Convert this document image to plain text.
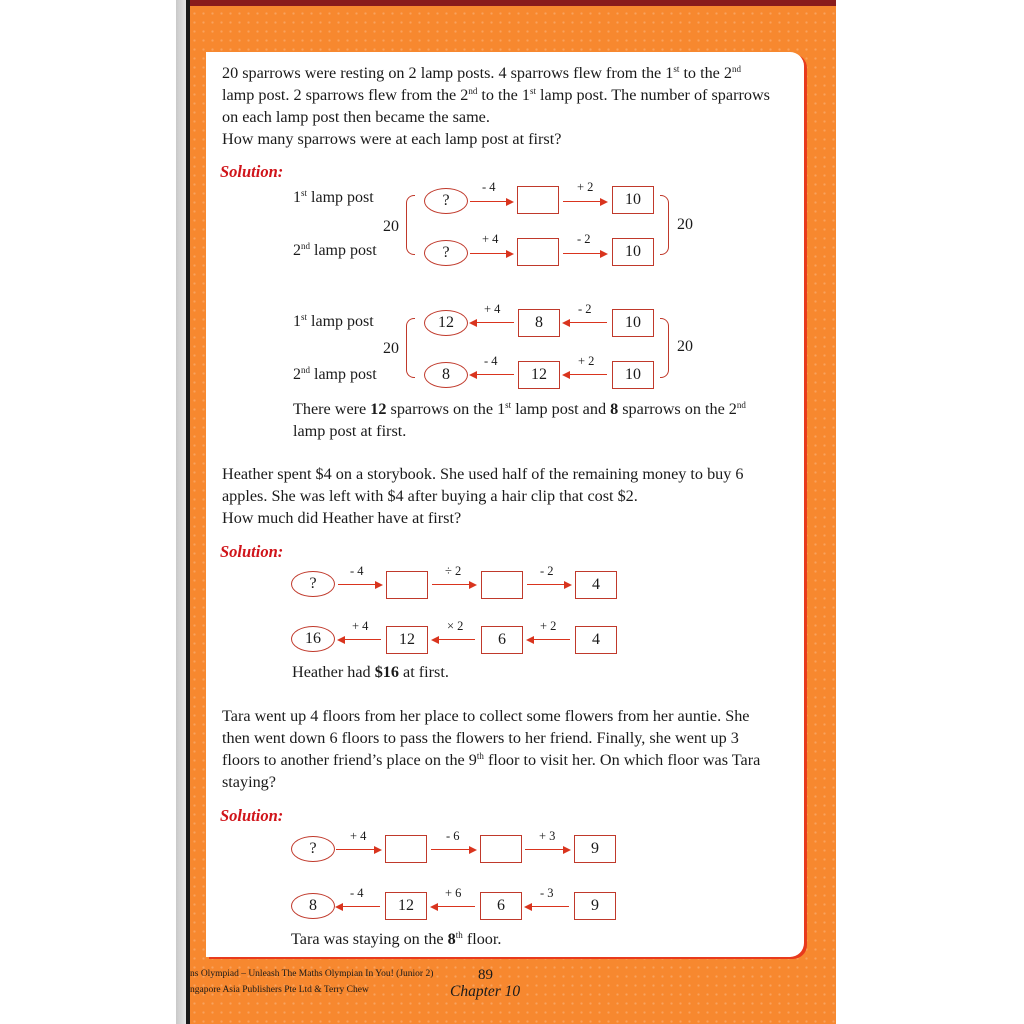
20 sparrows were resting on 2 lamp posts. 4 sparrows flew from the 1st to the 2nd
lamp post. 2 sparrows flew from the 2nd to the 1st lamp post. The number of sparrows
on each lamp post then became the same.
How many sparrows were at each lamp post at first?
Solution:
1st lamp post
2nd lamp post
20
?
- 4	+ 2
10
?
+ 4	- 2
10
20
1st lamp post
2nd lamp post
20
12
+ 4
8
- 2
10
8
- 4
12
+ 2
10
20
There were 12 sparrows on the 1st lamp post and 8 sparrows on the 2nd
lamp post at first.
Heather spent $4 on a storybook. She used half of the remaining money to buy 6
apples. She was left with $4 after buying a hair clip that cost $2.
How much did Heather have at first?
Solution:
?
- 4	÷ 2	- 2
4
16
+ 4
12
× 2
6
+ 2
4
Heather had $16 at first.
Tara went up 4 floors from her place to collect some flowers from her auntie. She
then went down 6 floors to pass the flowers to her friend. Finally, she went up 3
floors to another friend’s place on the 9th floor to visit her. On which floor was Tara
staying?
Solution:
?
+ 4	- 6	+ 3
9
8
- 4
12
+ 6
6
- 3
9
Tara was staying on the 8th floor.
ns Olympiad – Unleash The Maths Olympian In You! (Junior 2)
ngapore Asia Publishers Pte Ltd & Terry Chew
89
Chapter 10
